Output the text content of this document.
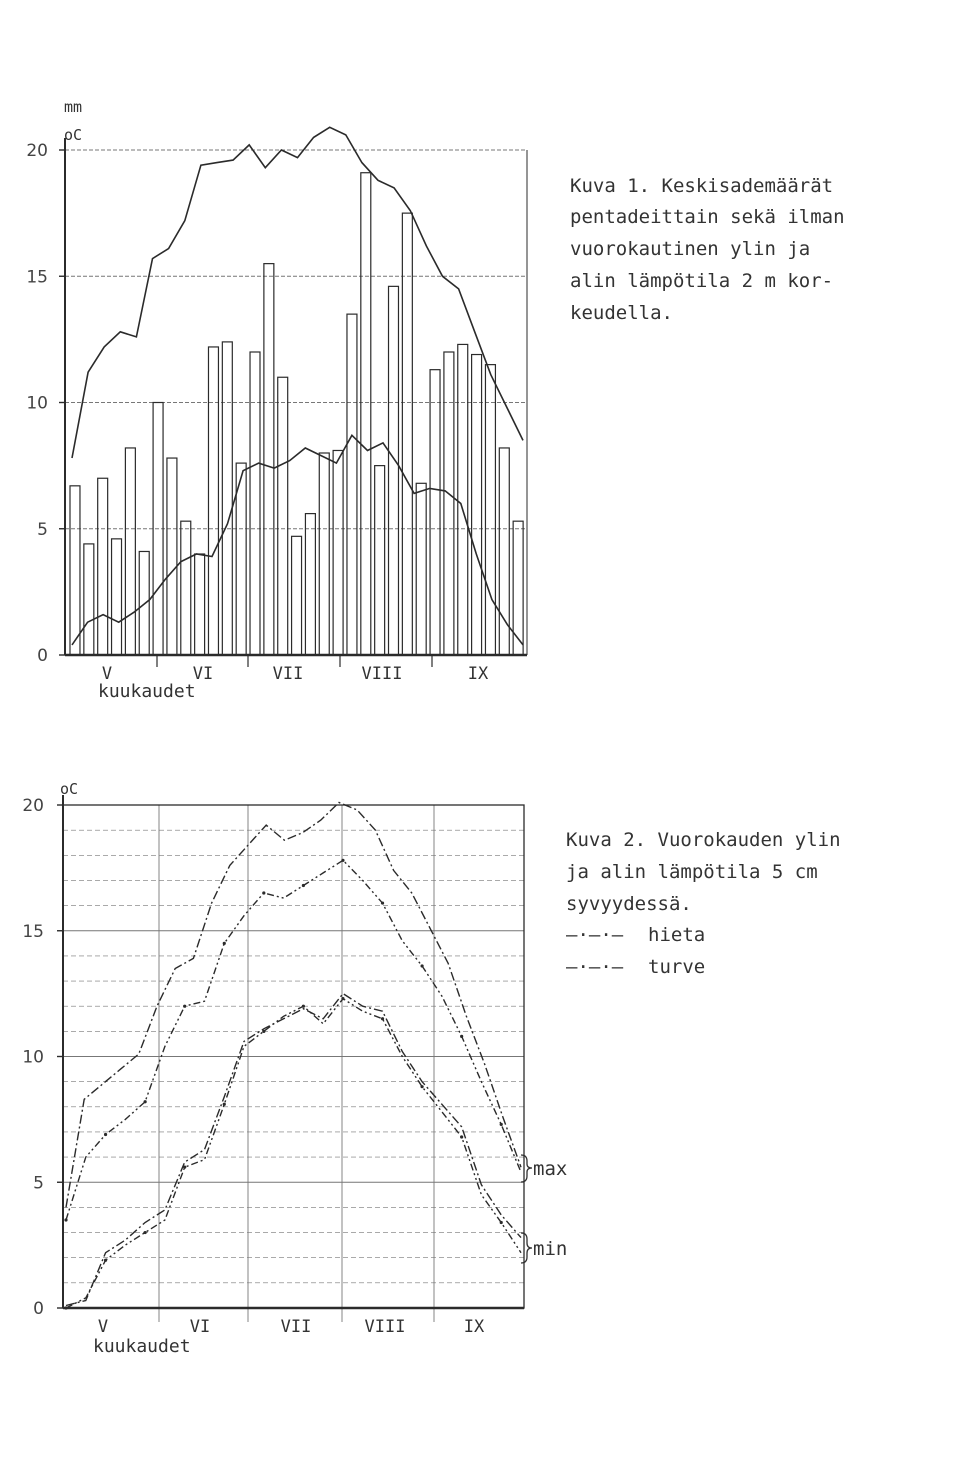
mm
oC
0
5
10
15
20
V	VI	VII	VIII	IX
kuukaudet
Kuva 1. Keskisademäärät
pentadeittain sekä ilman
vuorokautinen ylin ja
alin lämpötila 2 m kor-
keudella.
oC
0
5
10
15
20
V	VI	VII	VIII	IX
kuukaudet
Kuva 2. Vuorokauden ylin
ja alin lämpötila 5 cm
syvyydessä.
—·—·— hieta
—·—·— turve
max
min
